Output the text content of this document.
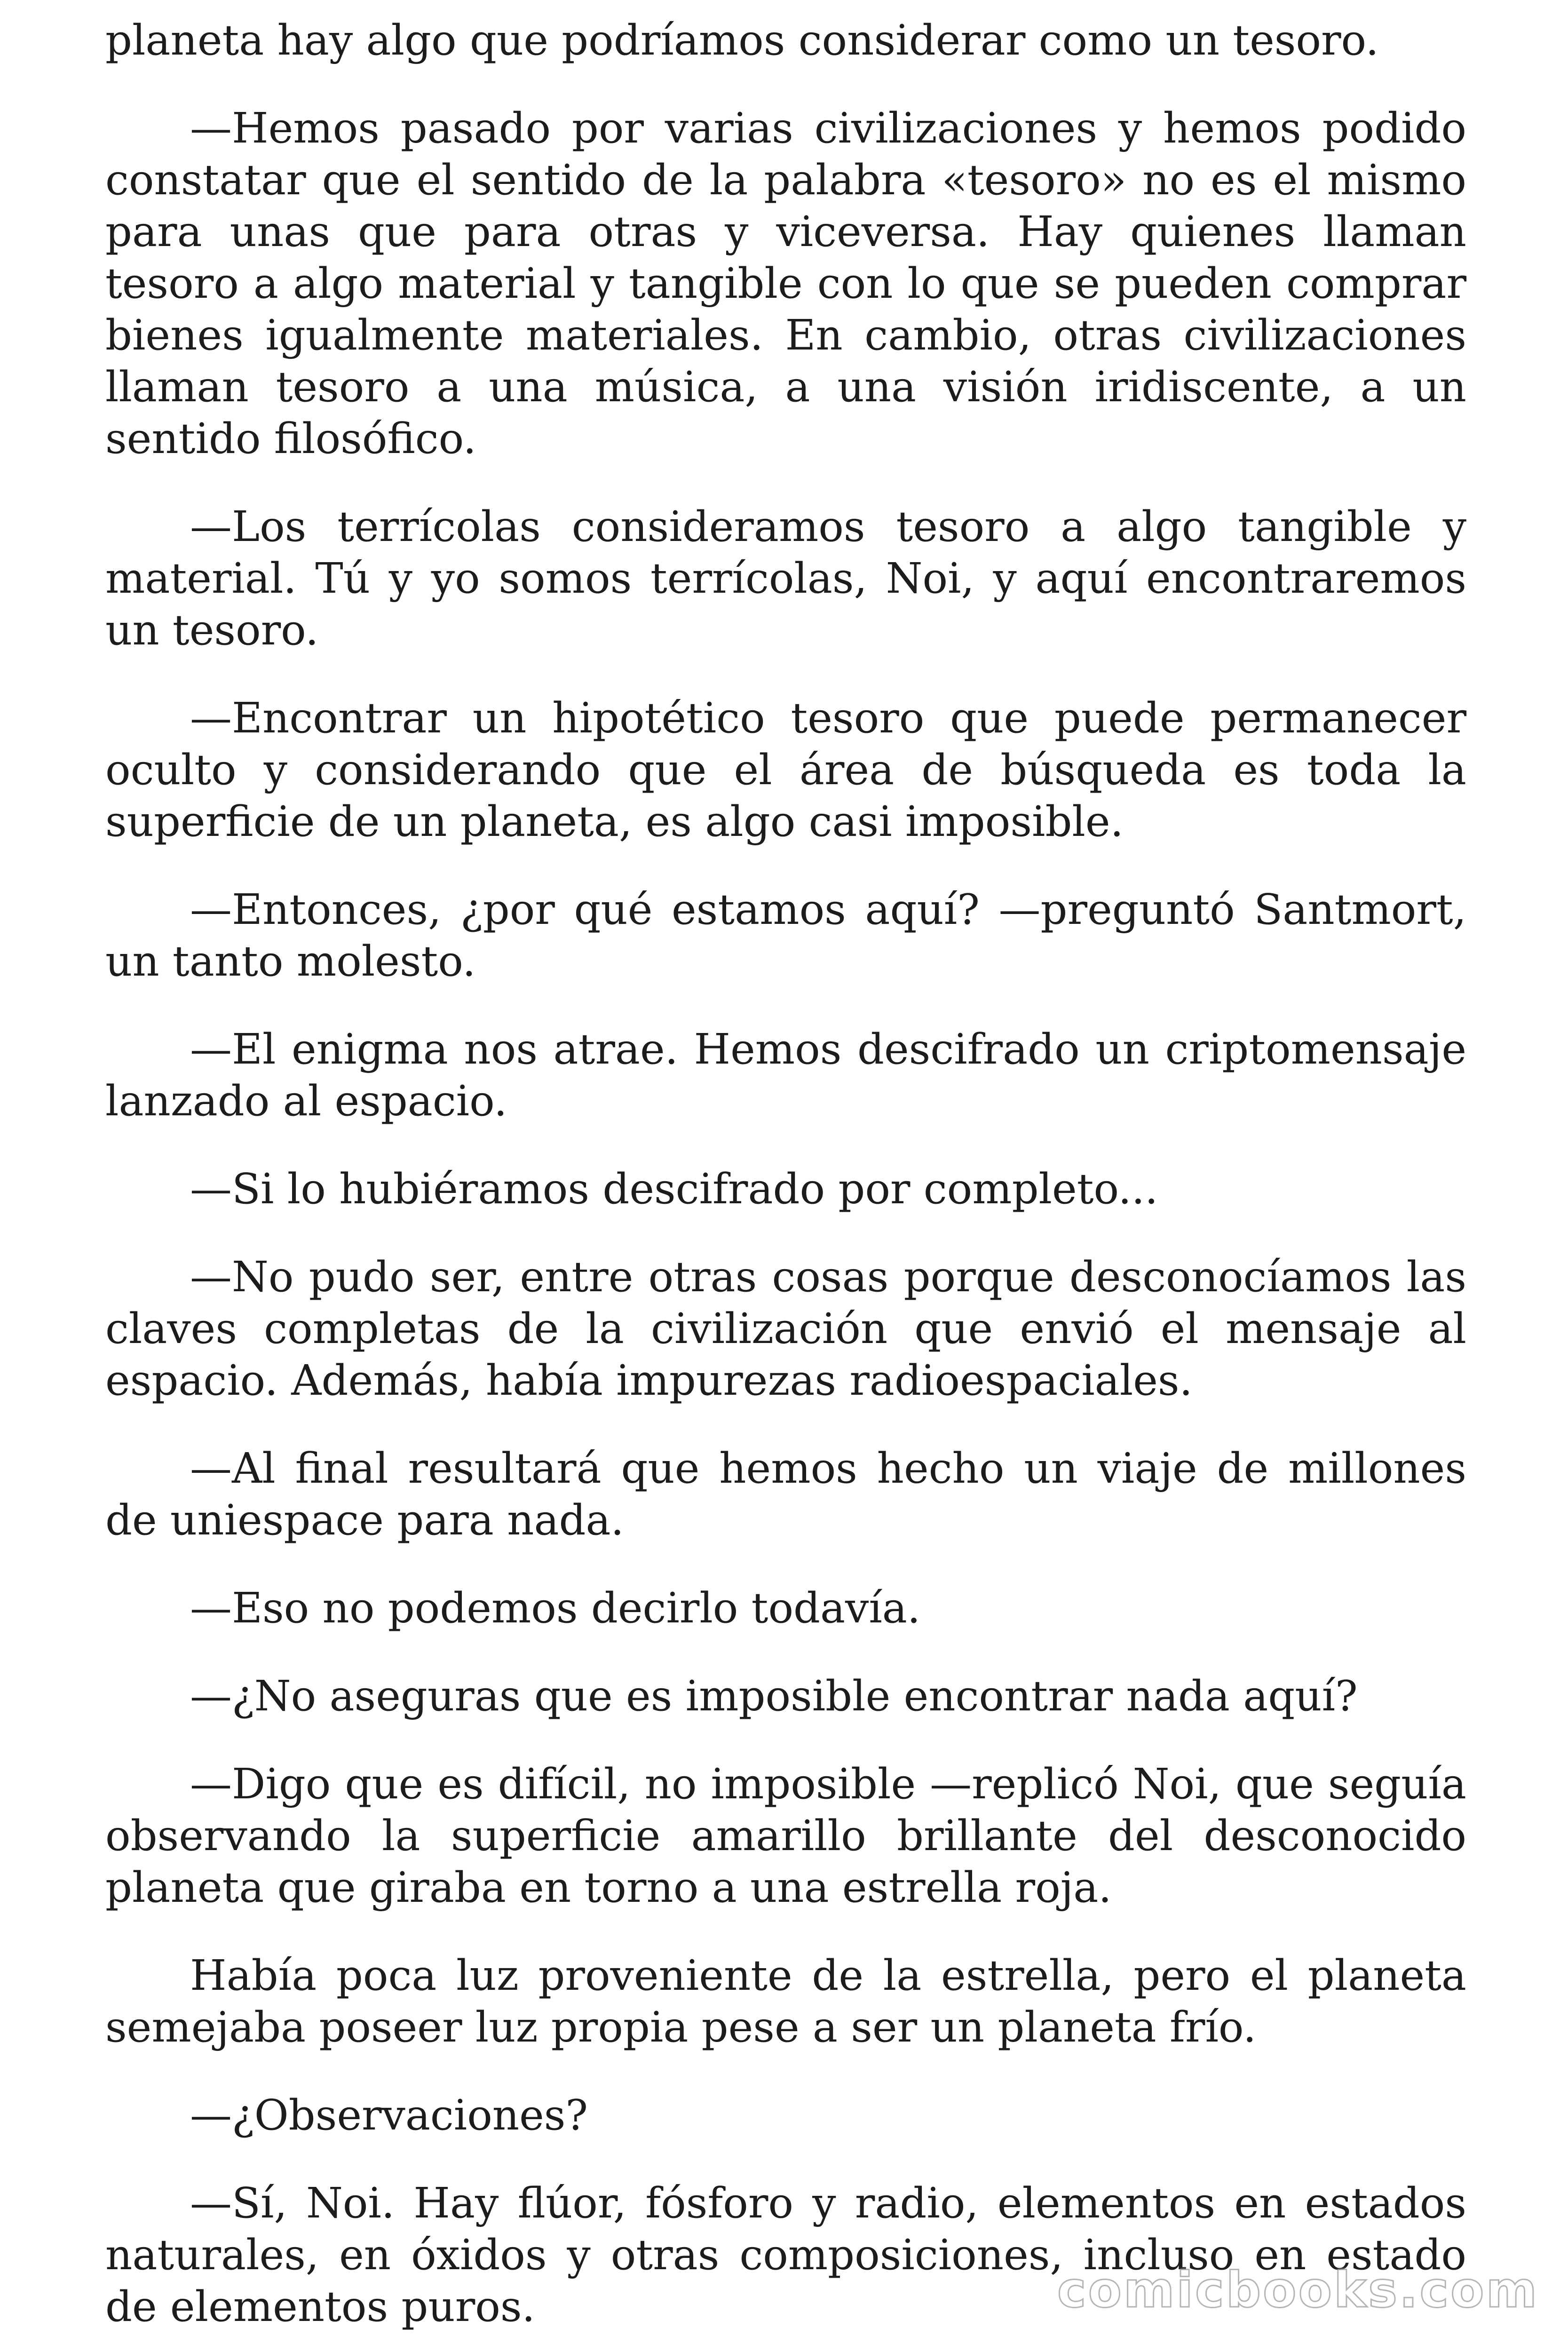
planeta hay algo que podríamos considerar como un tesoro.

—Hemos pasado por varias civilizaciones y hemos podido constatar que el sentido de la palabra «tesoro» no es el mismo para unas que para otras y viceversa. Hay quienes llaman tesoro a algo material y tangible con lo que se pueden comprar bienes igualmente materiales. En cambio, otras civilizaciones llaman tesoro a una música, a una visión iridiscente, a un sentido filosófico.

—Los terrícolas consideramos tesoro a algo tangible y material. Tú y yo somos terrícolas, Noi, y aquí encontraremos un tesoro.

—Encontrar un hipotético tesoro que puede permanecer oculto y considerando que el área de búsqueda es toda la superficie de un planeta, es algo casi imposible.

—Entonces, ¿por qué estamos aquí? —preguntó Santmort, un tanto molesto.

—El enigma nos atrae. Hemos descifrado un criptomensaje lanzado al espacio.

—Si lo hubiéramos descifrado por completo...

—No pudo ser, entre otras cosas porque desconocíamos las claves completas de la civilización que envió el mensaje al espacio. Además, había impurezas radioespaciales.

—Al final resultará que hemos hecho un viaje de millones de uniespace para nada.

—Eso no podemos decirlo todavía.

—¿No aseguras que es imposible encontrar nada aquí?

—Digo que es difícil, no imposible —replicó Noi, que seguía observando la superficie amarillo brillante del desconocido planeta que giraba en torno a una estrella roja.

Había poca luz proveniente de la estrella, pero el planeta semejaba poseer luz propia pese a ser un planeta frío.

—¿Observaciones?

—Sí, Noi. Hay flúor, fósforo y radio, elementos en estados naturales, en óxidos y otras composiciones, incluso en estado de elementos puros.	comicbooks.com
